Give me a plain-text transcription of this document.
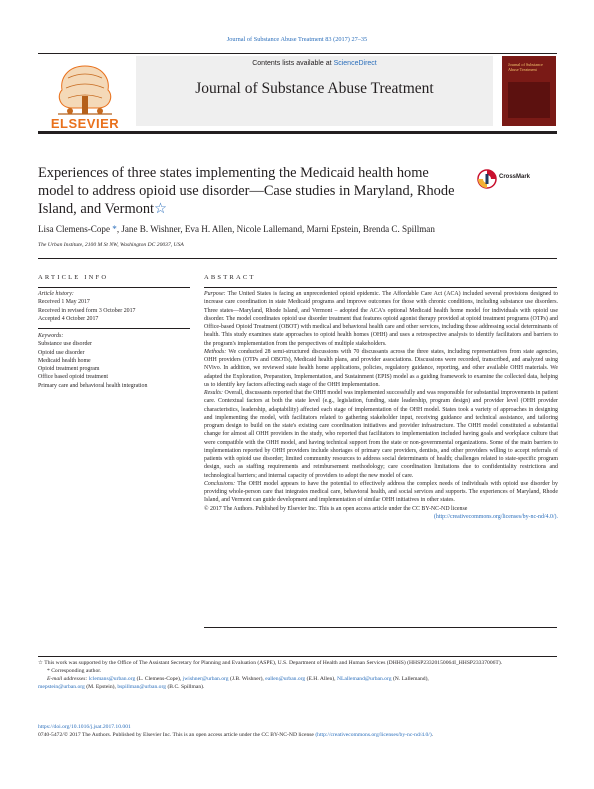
Journal of Substance Abuse Treatment 83 (2017) 27–35
ELSEVIER
Contents lists available at ScienceDirect
Journal of Substance Abuse Treatment
Journal of Substance Abuse Treatment
Experiences of three states implementing the Medicaid health home model to address opioid use disorder—Case studies in Maryland, Rhode Island, and Vermont☆
CrossMark
Lisa Clemens-Cope *, Jane B. Wishner, Eva H. Allen, Nicole Lallemand, Marni Epstein, Brenda C. Spillman
The Urban Institute, 2100 M St NW, Washington DC 20037, USA
ARTICLE INFO
Article history:
Received 1 May 2017
Received in revised form 3 October 2017
Accepted 4 October 2017
Keywords:
Substance use disorder
Opioid use disorder
Medicaid health home
Opioid treatment program
Office based opioid treatment
Primary care and behavioral health integration
ABSTRACT

Purpose: The United States is facing an unprecedented opioid epidemic. The Affordable Care Act (ACA) included several provisions designed to increase care coordination in state Medicaid programs and improve outcomes for those with chronic conditions, including substance use disorders. Three states—Maryland, Rhode Island, and Vermont – adopted the ACA's optional Medicaid health home model for individuals with opioid use disorder. The model coordinates opioid use disorder treatment that features opioid agonist therapy provided at opioid treatment programs (OTPs) and Office-based Opioid Treatment (OBOT) with medical and behavioral health care and other services, including those addressing social determinants of health. This study examines state approaches to opioid health homes (OHH) and uses a retrospective analysis to identify facilitators and barriers to the program's implementation from the perspectives of multiple stakeholders.

Methods: We conducted 28 semi-structured discussions with 70 discussants across the three states, including representatives from state agencies, OHH providers (OTPs and OBOTs), Medicaid health plans, and provider associations. Discussions were recorded, transcribed, and analyzed using NVivo. In addition, we reviewed state health home applications, policies, regulatory guidance, reporting, and other available OHH materials. We adapted the Exploration, Preparation, Implementation, and Sustainment (EPIS) model as a guiding framework to examine the collected data, helping us to identify key factors affecting each stage of the OHH implementation.

Results: Overall, discussants reported that the OHH model was implemented successfully and was responsible for substantial improvements in patient care. Contextual factors at both the state level (e.g., legislation, funding, state leadership, program design) and provider level (OHH provider characteristics, leadership, adaptability) affected each stage of implementation of the OHH model. States took a variety of approaches in designing and implementing the model, with facilitators related to gathering stakeholder input, receiving guidance and technical assistance, and tailoring program design to build on the state's existing care coordination initiatives and provider infrastructure. The OHH model constituted a substantial change for almost all OHH providers in the study, who reported that facilitators to implementation included having goals and workplace culture that were compatible with the OHH model, and having technical support from the state or non-governmental organizations. Some of the main barriers to implementation reported by OHH providers include shortages of primary care providers, dentists, and other providers willing to accept referrals of patients with opioid use disorder; limited community resources to address social determinants of health; challenges related to state-specific program design, such as staffing requirements and reimbursement methodology; care coordination limitations due to confidentiality restrictions and technological barriers; and internal capacity of providers to adopt the new model of care.

Conclusions: The OHH model appears to have the potential to effectively address the complex needs of individuals with opioid use disorder by providing whole-person care that integrates medical care, behavioral health, and social services and supports. The experiences of Maryland, Rhode Island, and Vermont can guide development and implementation of similar OHH initiatives in other states.

© 2017 The Authors. Published by Elsevier Inc. This is an open access article under the CC BY-NC-ND license

(http://creativecommons.org/licenses/by-nc-nd/4.0/).

☆ This work was supported by the Office of The Assistant Secretary for Planning and Evaluation (ASPE), U.S. Department of Health and Human Services (DHHS) (HHSP23320150064I_HHSP23337006T).

* Corresponding author.

E-mail addresses: lclemans@urban.org (L. Clemens-Cope), jwishner@urban.org (J.B. Wishner), eallen@urban.org (E.H. Allen), NLallemand@urban.org (N. Lallemand),

mepstein@urban.org (M. Epstein), bspillman@urban.org (B.C. Spillman).

https://doi.org/10.1016/j.jsat.2017.10.001
0740-5472/© 2017 The Authors. Published by Elsevier Inc. This is an open access article under the CC BY-NC-ND license (http://creativecommons.org/licenses/by-nc-nd/4.0/).
